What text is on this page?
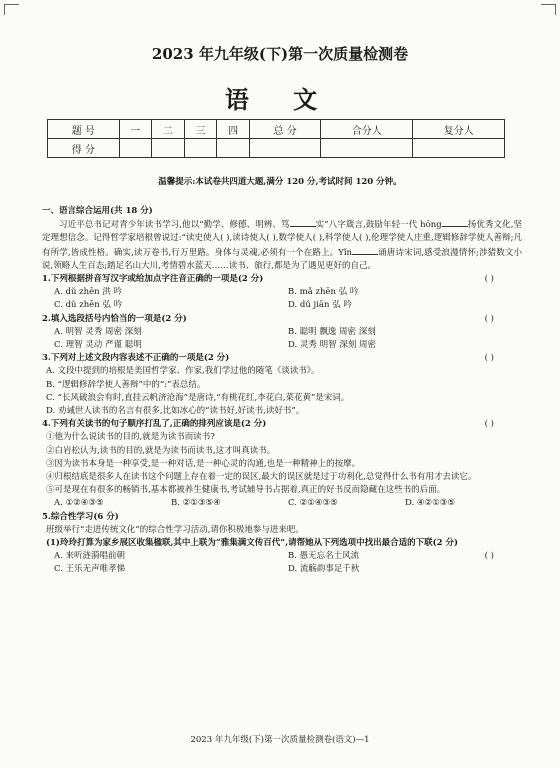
2023 年九年级(下)第一次质量检测卷
语 文
题 号	一	二	三	四	总 分	合分人	复分人
得 分							
温馨提示:本试卷共四道大题,满分 120 分,考试时间 120 分钟。
一、语言综合运用(共 18 分)
习近平总书记对青少年读书学习,他以“勤学、修德、明辨、笃	实”八字箴言,鼓励年轻一代 hōng	扬优秀文化,坚定理想信念。记得哲学家培根曾说过:“读史使人( ),读诗使人( ),数学使人( ),科学使人( ),伦理学使人庄重,逻辑修辞学使人善辩;凡有所学,皆成性格。确实,读万卷书,行万里路。身体与灵魂,必须有一个在路上。Yǐn	诵唐诗宋词,感受浪漫情怀;涉猎数文小说,领略人生百态;踏足名山大川,考情碧水蓝天……读书、旅行,都是为了遇见更好的自己。
1.下列根据拼音写汉字或给加点字注音正确的一项是(2 分)	( )
A. dǔ zhēn 洪 吟	B. mǎ zhēn 弘 吟
C. dǔ zhēn 弘 吟	D. dǔ jiān 弘 吟
2.填入选段括号内恰当的一项是(2 分)	( )
A. 明智 灵秀 周密 深刻	B. 聪明 飘逸 周密 深刻
C. 理智 灵动 严谨 聪明	D. 灵秀 明智 深刻 周密
3.下列对上述文段内容表述不正确的一项是(2 分)	( )
A. 文段中提到的培根是美国哲学家、作家,我们学过他的随笔《谈读书》。
B. “逻辑修辞学使人善辩”中的“:”表总结。
C. “长风破浪会有时,直挂云帆济沧海”是唐诗,“有桃花红,李花白,菜花黄”是宋词。
D. 劝诫世人读书的名言有很多,比如冰心的“读书好,好读书,读好书”。
4.下列有关读书的句子顺序打乱了,正确的排列应该是(2 分)	( )
①他为什么说读书的目的,就是为读书而读书?
②白岩松认为,读书的目的,就是为读书而读书,这才叫真读书。
③因为读书本身是一种享受,是一种对话,是一种心灵的沟通,也是一种精神上的按摩。
④归根结底是很多人在读书这个问题上存在着一定的误区,最大的误区就是过于功利化,总觉得什么书有用才去读它。
⑤可是现在有很多的畅销书,基本都被养生健康书,考试辅导书占据着,真正的好书反而隐藏在这些书的后面。
A. ①②④③⑤	B. ②①③⑤④	C. ②①④③⑤	D. ④②①③⑤
5.综合性学习(6 分)
班级举行“走进传统文化”的综合性学习活动,请你积极地参与进来吧。
(1)玲玲打算为家乡展区收集楹联,其中上联为“雅集满文传百代”,请帮她从下列选项中找出最合适的下联(2 分)
( )
A. 来听涟漪唱前朝	B. 愚无忘名士风流
C. 王乐无声唯孝悌	D. 流觞韵事足千秋
2023 年九年级(下)第一次质量检测卷(语文)—1
